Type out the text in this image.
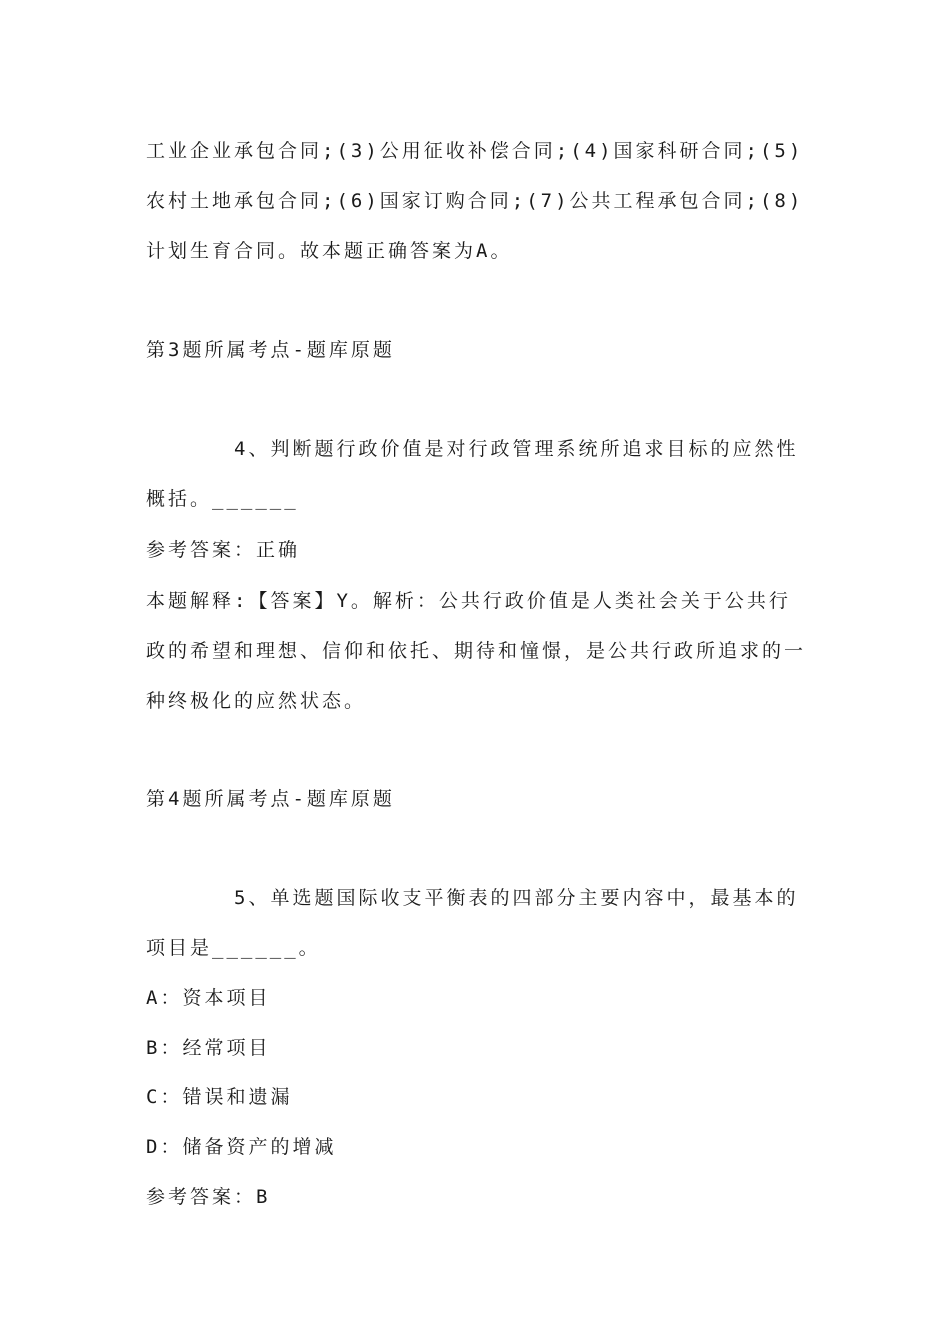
工业企业承包合同;(3)公用征收补偿合同;(4)国家科研合同;(5)农村土地承包合同;(6)国家订购合同;(7)公共工程承包合同;(8)计划生育合同。故本题正确答案为A。

第3题所属考点-题库原题

4、判断题行政价值是对行政管理系统所追求目标的应然性概括。______

参考答案：正确

本题解释:【答案】Y。解析：公共行政价值是人类社会关于公共行政的希望和理想、信仰和依托、期待和憧憬，是公共行政所追求的一种终极化的应然状态。

第4题所属考点-题库原题

5、单选题国际收支平衡表的四部分主要内容中，最基本的项目是______。

A：资本项目

B：经常项目

C：错误和遗漏

D：储备资产的增减

参考答案：B
